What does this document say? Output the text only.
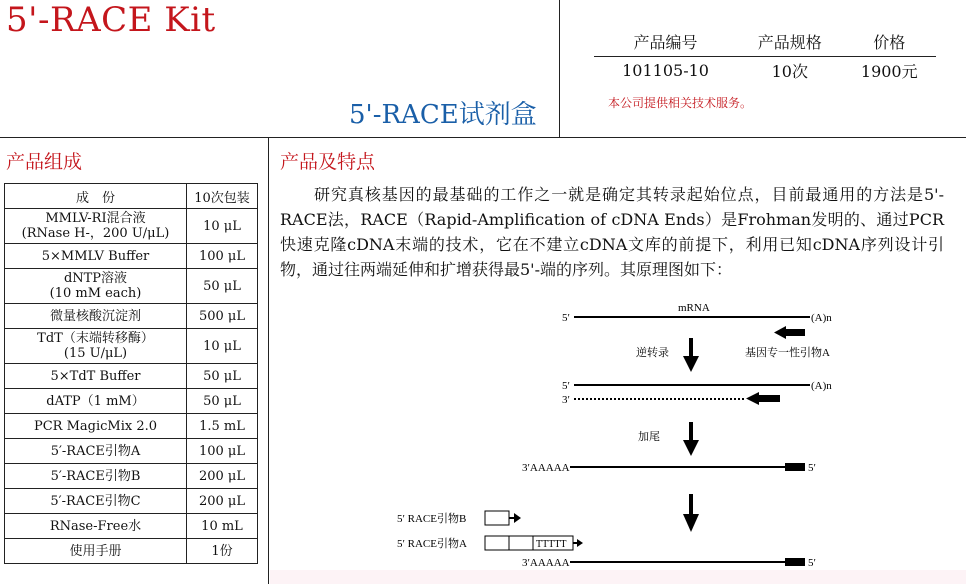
5'-RACE Kit
5'-RACE试剂盒
产品编号	产品规格	价格
101105-10	10次	1900元
本公司提供相关技术服务。
产品组成
成　份	10次包装
MMLV-RI混合液
(RNase H-，200 U/μL)	10 μL
5×MMLV Buffer	100 μL
dNTP溶液
(10 mM each)	50 μL
微量核酸沉淀剂	500 μL
TdT（末端转移酶）
(15 U/μL)	10 μL
5×TdT Buffer	50 μL
dATP（1 mM）	50 μL
PCR MagicMix 2.0	1.5 mL
5′-RACE引物A	100 μL
5′-RACE引物B	200 μL
5′-RACE引物C	200 μL
RNase-Free水	10 mL
使用手册	1份
产品及特点
研究真核基因的最基础的工作之一就是确定其转录起始位点，目前最通用的方法是5'-RACE法，RACE（Rapid-Amplification of cDNA Ends）是Frohman发明的、通过PCR快速克隆cDNA末端的技术，它在不建立cDNA文库的前提下，利用已知cDNA序列设计引物，通过往两端延伸和扩增获得最5'-端的序列。其原理图如下：
5′
mRNA
(A)n
逆转录	基因专一性引物A
5′	(A)n
3′
加尾
3′AAAAA	5′
5′ RACE引物B
5′ RACE引物A	TTTTT
3′AAAAA	5′
